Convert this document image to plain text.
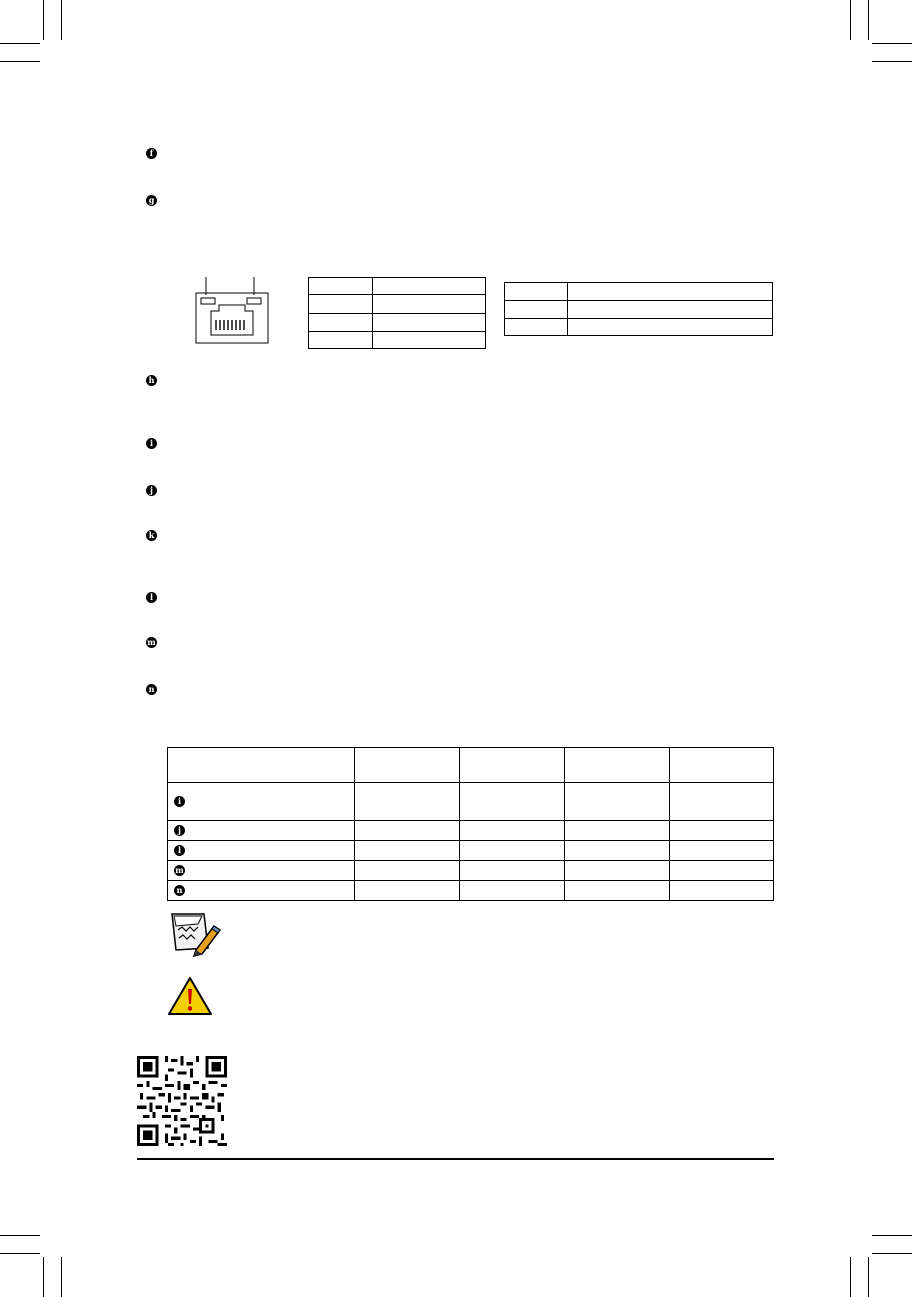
f
g
h
i
j
k
l
m
n

i				
j				
l				
m				
n				
